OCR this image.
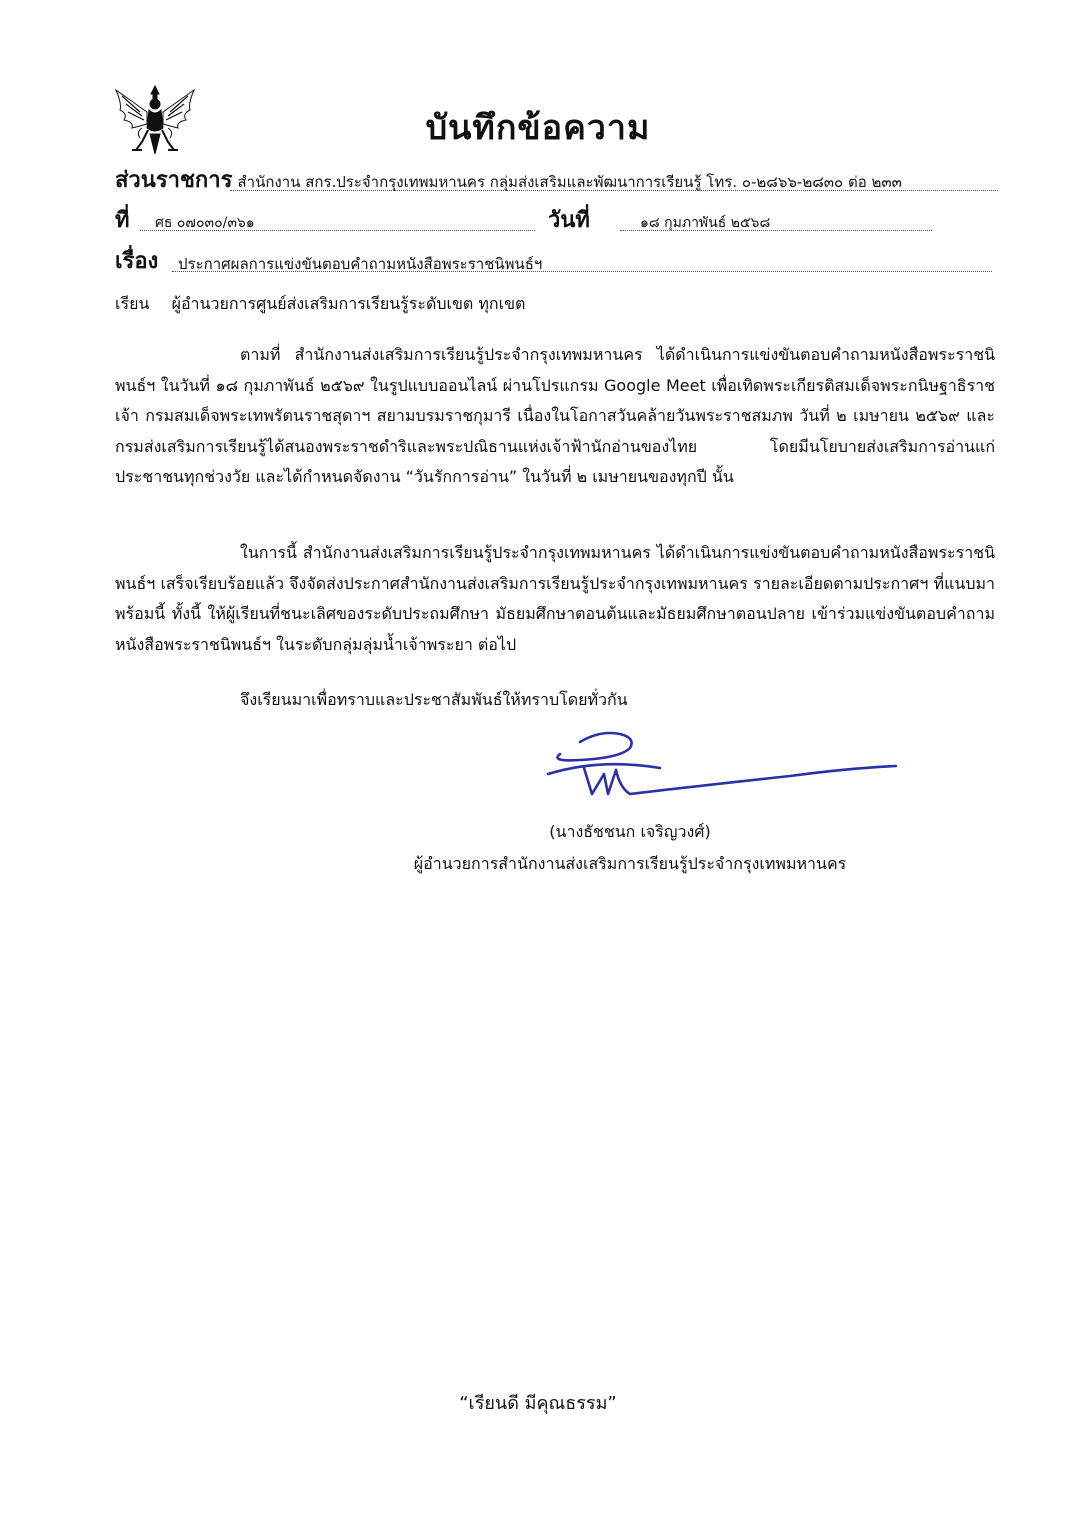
บันทึกข้อความ
ส่วนราชการ สำนักงาน สกร.ประจำกรุงเทพมหานคร กลุ่มส่งเสริมและพัฒนาการเรียนรู้ โทร. ๐-๒๘๖๖-๒๘๓๐ ต่อ ๒๓๓
ที่ ศธ ๐๗๐๓๐/๓๖๑	วันที่	๑๘ กุมภาพันธ์ ๒๕๖๘
เรื่อง ประกาศผลการแข่งขันตอบคำถามหนังสือพระราชนิพนธ์ฯ
เรียน ผู้อำนวยการศูนย์ส่งเสริมการเรียนรู้ระดับเขต ทุกเขต
ตามที่ สำนักงานส่งเสริมการเรียนรู้ประจำกรุงเทพมหานคร ได้ดำเนินการแข่งขันตอบคำถามหนังสือพระราชนิพนธ์ฯ ในวันที่ ๑๘ กุมภาพันธ์ ๒๕๖๙ ในรูปแบบออนไลน์ ผ่านโปรแกรม Google Meet เพื่อเทิดพระเกียรติสมเด็จพระกนิษฐาธิราชเจ้า กรมสมเด็จพระเทพรัตนราชสุดาฯ สยามบรมราชกุมารี เนื่องในโอกาสวันคล้ายวันพระราชสมภพ วันที่ ๒ เมษายน ๒๕๖๙ และกรมส่งเสริมการเรียนรู้ได้สนองพระราชดำริและพระปณิธานแห่งเจ้าฟ้านักอ่านของไทย โดยมีนโยบายส่งเสริมการอ่านแก่ประชาชนทุกช่วงวัย และได้กำหนดจัดงาน “วันรักการอ่าน” ในวันที่ ๒ เมษายนของทุกปี นั้น
ในการนี้ สำนักงานส่งเสริมการเรียนรู้ประจำกรุงเทพมหานคร ได้ดำเนินการแข่งขันตอบคำถามหนังสือพระราชนิพนธ์ฯ เสร็จเรียบร้อยแล้ว จึงจัดส่งประกาศสำนักงานส่งเสริมการเรียนรู้ประจำกรุงเทพมหานคร รายละเอียดตามประกาศฯ ที่แนบมาพร้อมนี้ ทั้งนี้ ให้ผู้เรียนที่ชนะเลิศของระดับประถมศึกษา มัธยมศึกษาตอนต้นและมัธยมศึกษาตอนปลาย เข้าร่วมแข่งขันตอบคำถามหนังสือพระราชนิพนธ์ฯ ในระดับกลุ่มลุ่มน้ำเจ้าพระยา ต่อไป
จึงเรียนมาเพื่อทราบและประชาสัมพันธ์ให้ทราบโดยทั่วกัน
(นางธัชชนก เจริญวงศ์)
ผู้อำนวยการสำนักงานส่งเสริมการเรียนรู้ประจำกรุงเทพมหานคร
“เรียนดี มีคุณธรรม”
